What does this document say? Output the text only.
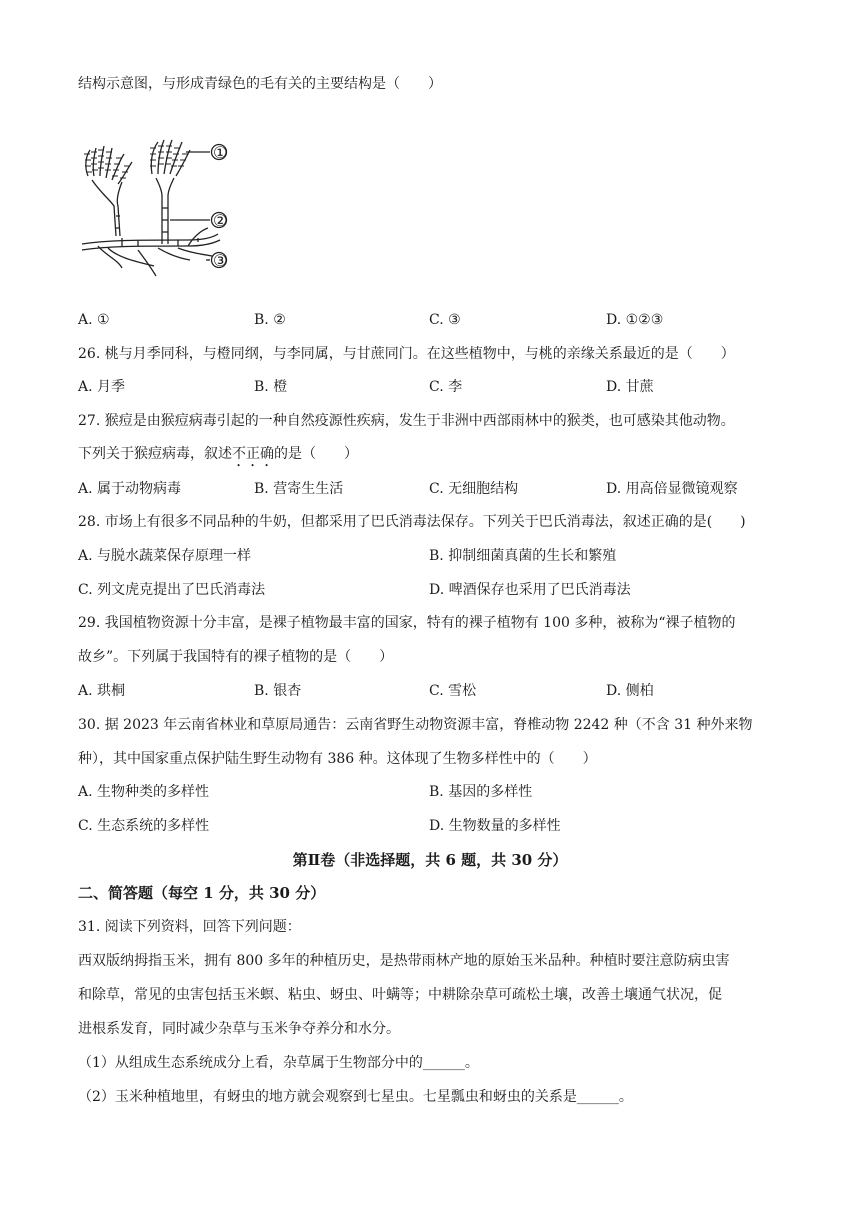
结构示意图，与形成青绿色的毛有关的主要结构是（　　）
①
②
③
A. ①	B. ②	C. ③	D. ①②③
26. 桃与月季同科，与橙同纲，与李同属，与甘蔗同门。在这些植物中，与桃的亲缘关系最近的是（　　）
A. 月季	B. 橙	C. 李	D. 甘蔗
27. 猴痘是由猴痘病毒引起的一种自然疫源性疾病，发生于非洲中西部雨林中的猴类，也可感染其他动物。
下列关于猴痘病毒，叙述不正确的是（　　）
A. 属于动物病毒	B. 营寄生生活	C. 无细胞结构	D. 用高倍显微镜观察
28. 市场上有很多不同品种的牛奶，但都采用了巴氏消毒法保存。下列关于巴氏消毒法，叙述正确的是(　　)
A. 与脱水蔬菜保存原理一样	B. 抑制细菌真菌的生长和繁殖
C. 列文虎克提出了巴氏消毒法	D. 啤酒保存也采用了巴氏消毒法
29. 我国植物资源十分丰富，是裸子植物最丰富的国家，特有的裸子植物有 100 多种，被称为“裸子植物的
故乡”。下列属于我国特有的裸子植物的是（　　）
A. 珙桐	B. 银杏	C. 雪松	D. 侧柏
30. 据 2023 年云南省林业和草原局通告：云南省野生动物资源丰富，脊椎动物 2242 种（不含 31 种外来物
种），其中国家重点保护陆生野生动物有 386 种。这体现了生物多样性中的（　　）
A. 生物种类的多样性	B. 基因的多样性
C. 生态系统的多样性	D. 生物数量的多样性
第Ⅱ卷（非选择题，共 6 题，共 30 分）
二、简答题（每空 1 分，共 30 分）
31. 阅读下列资料，回答下列问题：
西双版纳拇指玉米，拥有 800 多年的种植历史，是热带雨林产地的原始玉米品种。种植时要注意防病虫害
和除草，常见的虫害包括玉米螟、粘虫、蚜虫、叶螨等；中耕除杂草可疏松土壤，改善土壤通气状况，促
进根系发育，同时减少杂草与玉米争夺养分和水分。
（1）从组成生态系统成分上看，杂草属于生物部分中的______。
（2）玉米种植地里，有蚜虫的地方就会观察到七星虫。七星瓢虫和蚜虫的关系是______。
